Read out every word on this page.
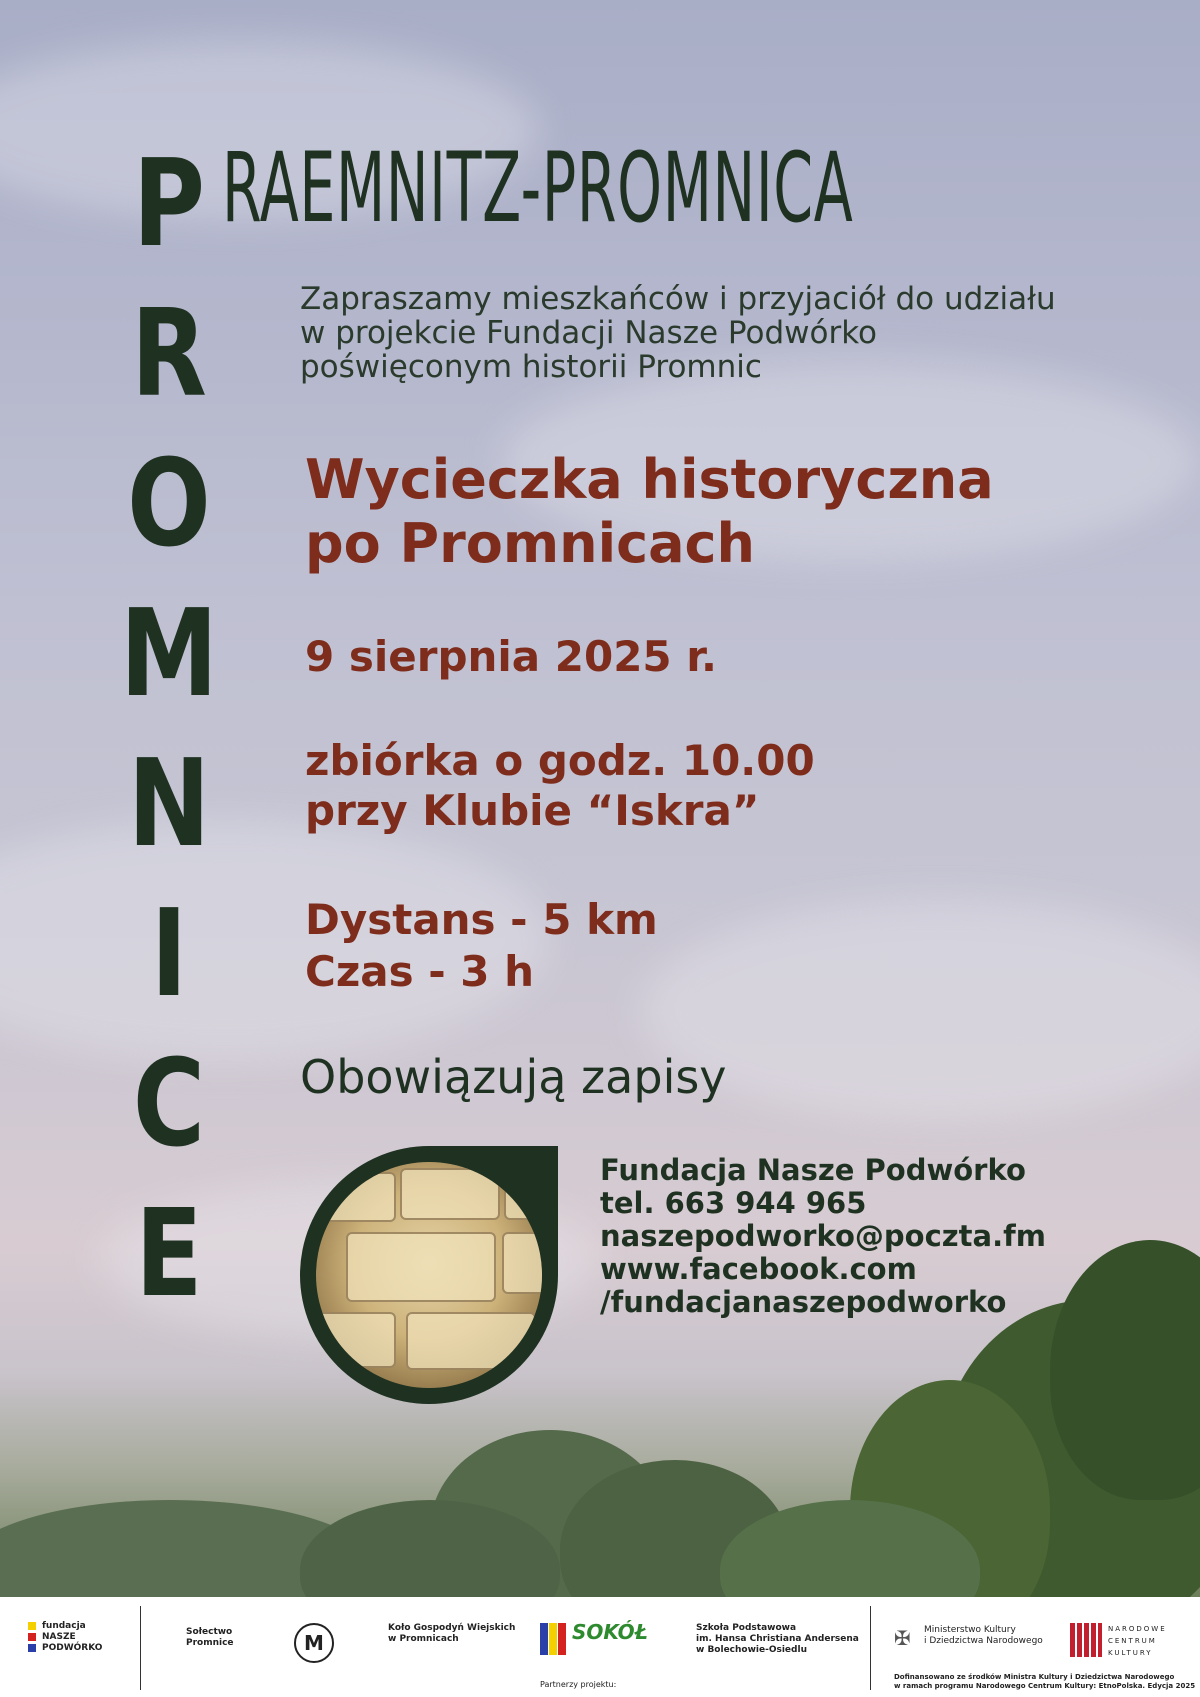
P
R
O
M
N
I
C
E
RAEMNITZ-PROMNICA
Zapraszamy mieszkańców i przyjaciół do udziału
w projekcie Fundacji Nasze Podwórko
poświęconym historii Promnic
Wycieczka historyczna
po Promnicach
9 sierpnia 2025 r.
zbiórka o godz. 10.00
przy Klubie “Iskra”
Dystans - 5 km
Czas - 3 h
Obowiązują zapisy
Fundacja Nasze Podwórko
tel. 663 944 965
naszepodworko@poczta.fm
www.facebook.com
/fundacjanaszepodworko
fundacja
NASZE
PODWÓRKO
Sołectwo
Promnice	M
Koło Gospodyń Wiejskich
w Promnicach	SOKÓŁ
Partnerzy projektu:
Szkoła Podstawowa
im. Hansa Christiana Andersena
w Bolechowie-Osiedlu	✠	Ministerstwo Kultury
i Dziedzictwa Narodowego
NARODOWE
CENTRUM
KULTURY
Dofinansowano ze środków Ministra Kultury i Dziedzictwa Narodowego
w ramach programu Narodowego Centrum Kultury: EtnoPolska. Edycja 2025
